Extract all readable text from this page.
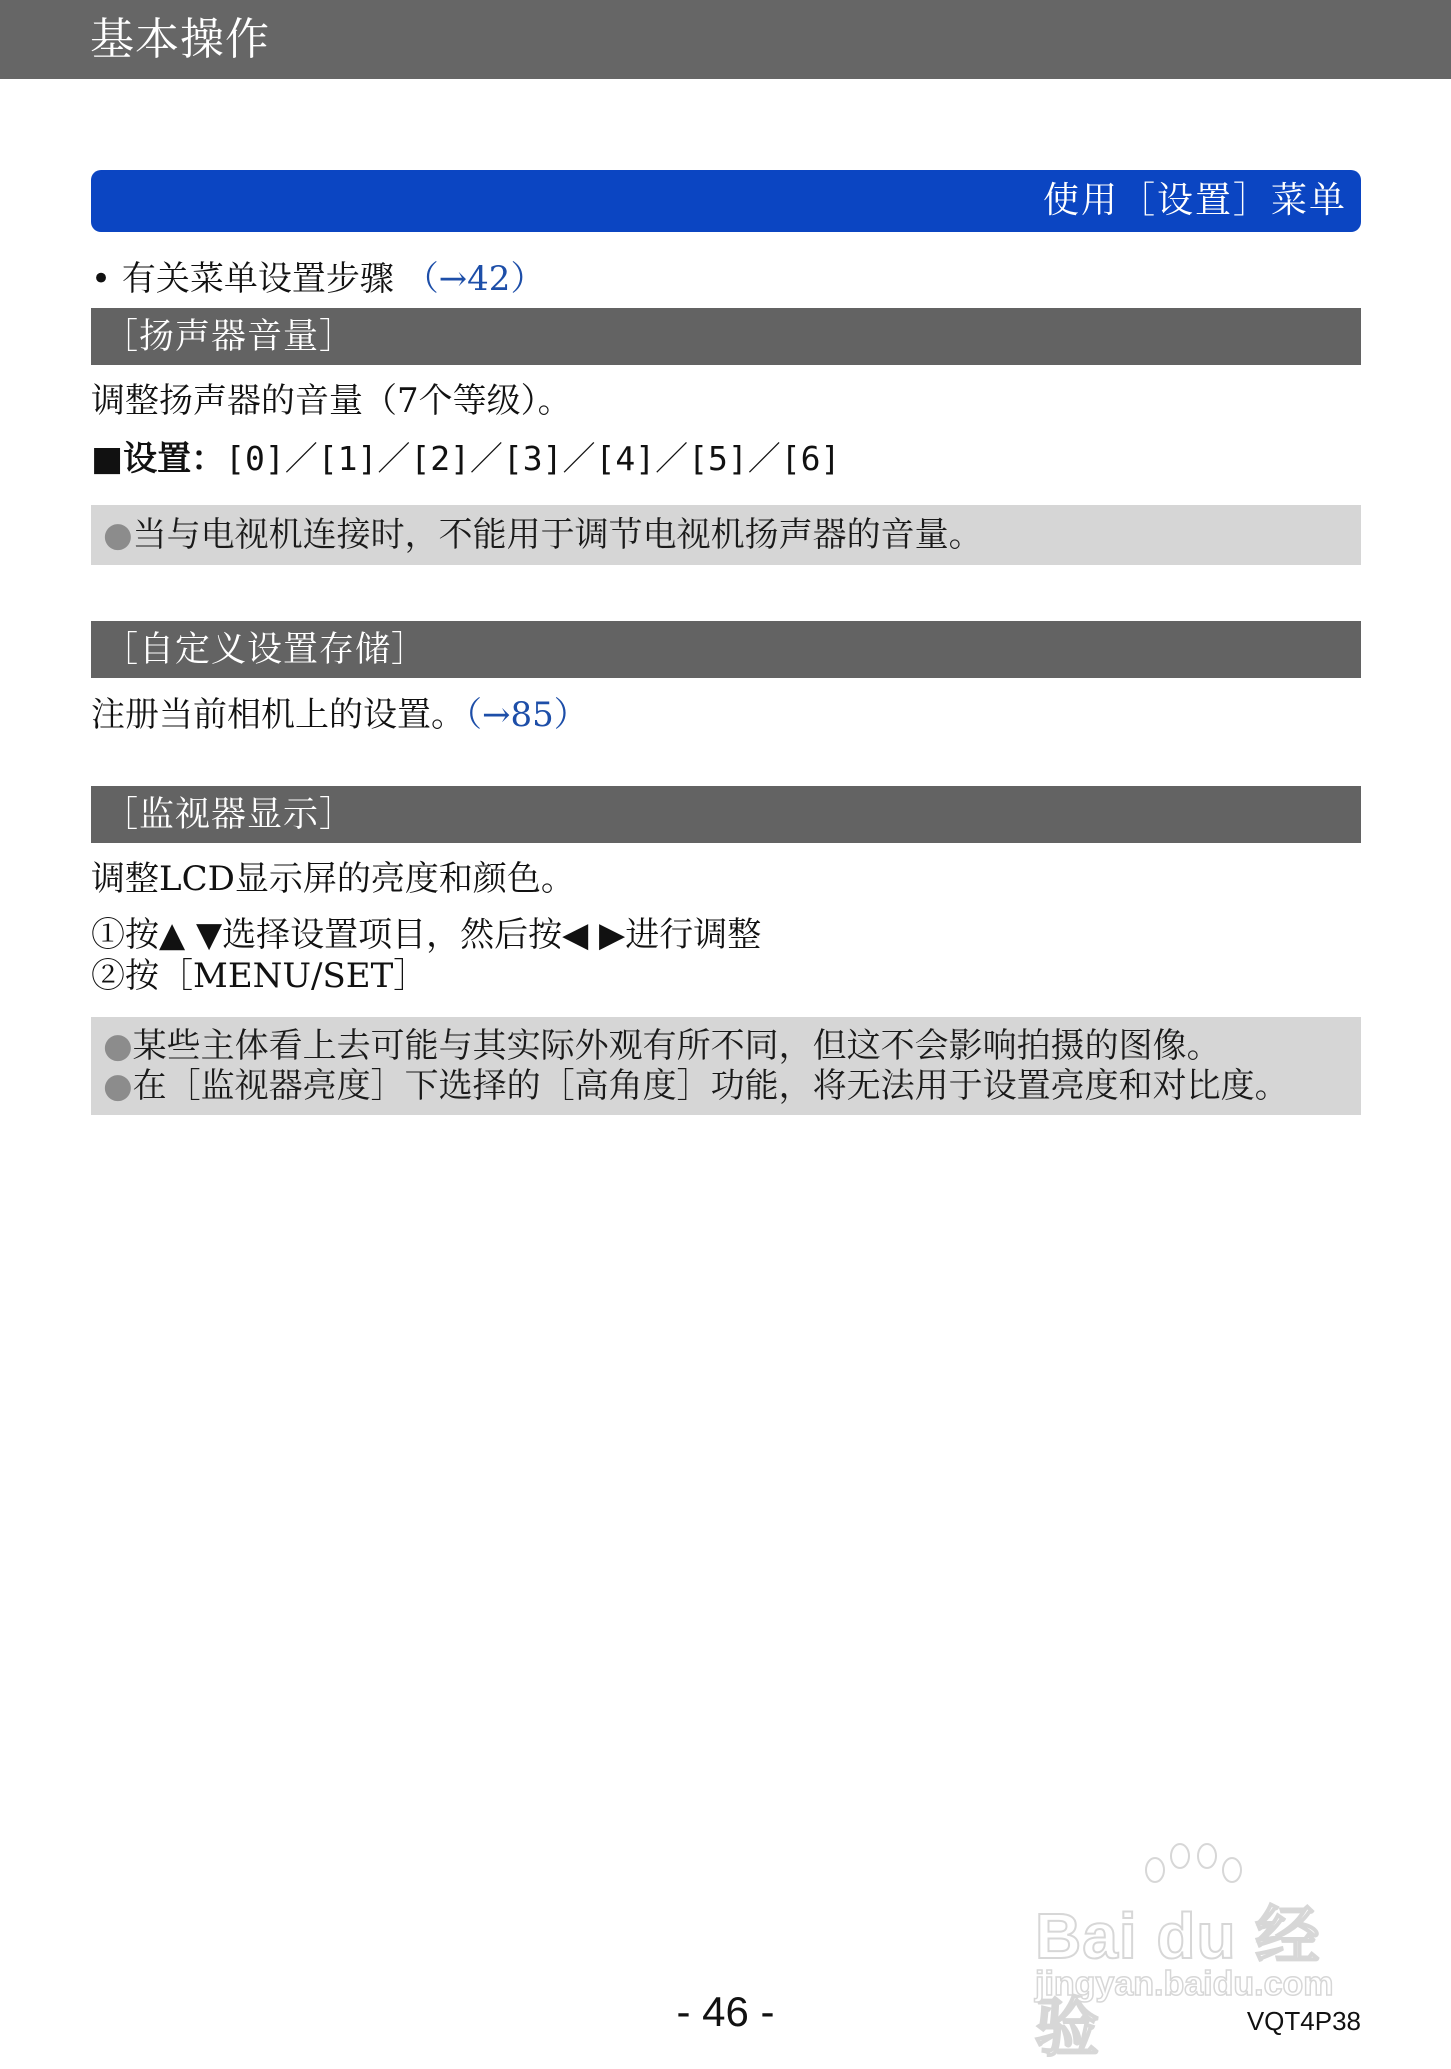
基本操作
使用［设置］菜单
• 有关菜单设置步骤 （→42）
［扬声器音量］
调整扬声器的音量（7个等级）。
■设置：[0]／[1]／[2]／[3]／[4]／[5]／[6]
●当与电视机连接时，不能用于调节电视机扬声器的音量。
［自定义设置存储］
注册当前相机上的设置。（→85）
［监视器显示］
调整LCD显示屏的亮度和颜色。
①按▲ ▼选择设置项目，然后按◀ ▶进行调整
②按［MENU/SET］
●某些主体看上去可能与其实际外观有所不同，但这不会影响拍摄的图像。
●在［监视器亮度］下选择的［高角度］功能，将无法用于设置亮度和对比度。
Bai du 经验
jingyan.baidu.com
- 46 -	VQT4P38
